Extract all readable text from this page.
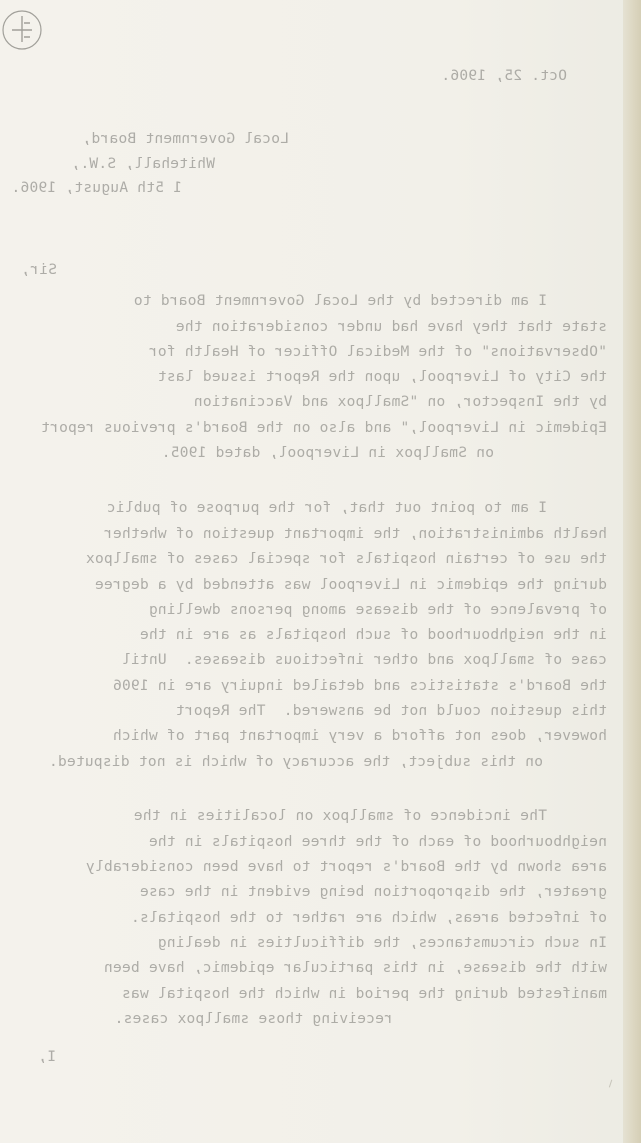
Oct. 25, 1906.

Local Government Board,

Whitehall, S.W.,

1 5th August, 1906.

Sir,

I am directed by the Local Government Board to

state that they have had under consideration the

"Observations" of the Medical Officer of Health for

the City of Liverpool, upon the Report issued last

by the Inspector, on "Smallpox and Vaccination

Epidemic in Liverpool," and also on the Board's previous report

on Smallpox in Liverpool, dated 1905.

I am to point out that, for the purpose of public

health administration, the important question of whether

the use of certain hospitals for special cases of smallpox

during the epidemic in Liverpool was attended by a degree

of prevalence of the disease among persons dwelling

in the neighbourhood of such hospitals as are in the

case of smallpox and other infectious diseases.  Until

the Board's statistics and detailed inquiry are in 1906

this question could not be answered.  The Report

however, does not afford a very important part of which

on this subject, the accuracy of which is not disputed.

The incidence of smallpox on localities in the

neighbourhood of each of the three hospitals in the

area shown by the Board's report to have been considerably

greater, the disproportion being evident in the case

of infected areas, which are rather to the hospitals.

In such circumstances, the difficulties in dealing

with the disease, in this particular epidemic, have been

manifested during the period in which the hospital was

receiving those smallpox cases.

I,
